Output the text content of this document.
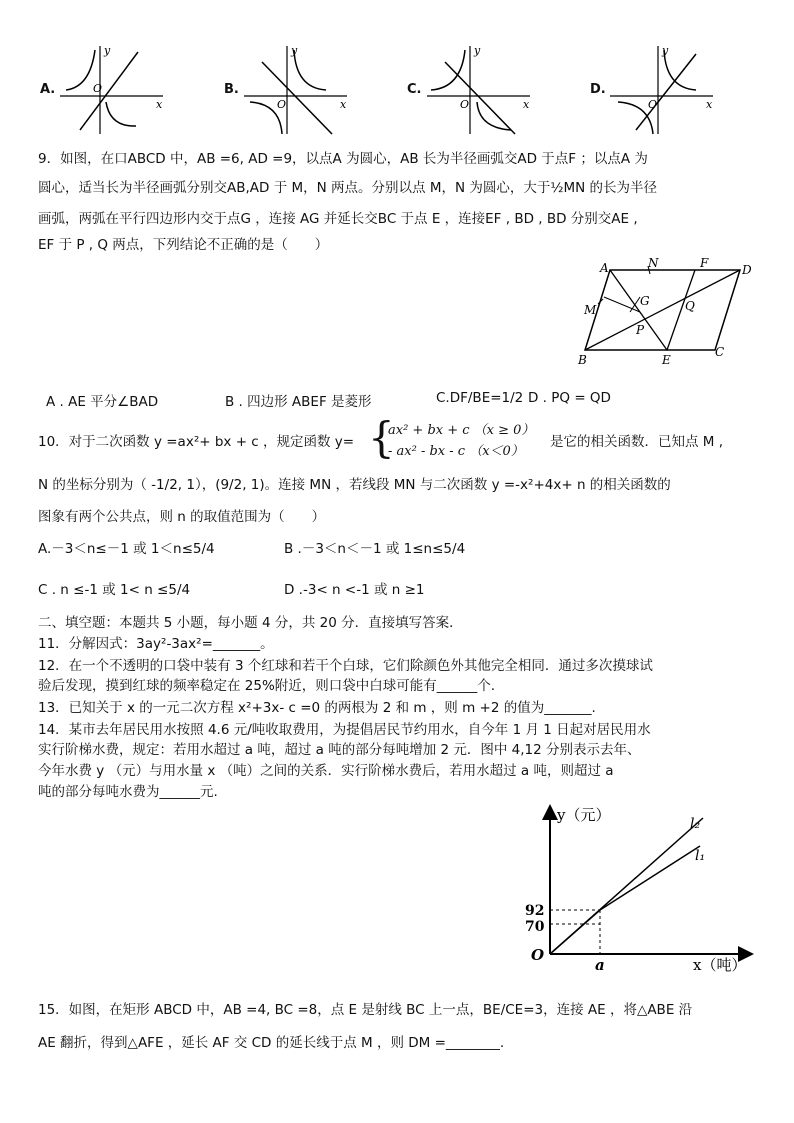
A.	O
x
y
B.
O	x
y
C.
O	x
y
D.
O	x
y
9．如图，在口ABCD 中，AB =6, AD =9，以点A 为圆心，AB 长为半径画弧交AD 于点F ；以点A 为
圆心，适当长为半径画弧分别交AB,AD 于 M，N 两点。分别以点 M，N 为圆心，大于½MN 的长为半径
画弧，两弧在平行四边形内交于点G ，连接 AG 并延长交BC 于点 E ，连接EF , BD , BD 分别交AE ,
EF 于 P , Q 两点，下列结论不正确的是（　　）
A	N	F	D
M
G	Q
P
B	E
C
A . AE 平分∠BAD	B . 四边形 ABEF 是菱形	C.DF/BE=1/2 D . PQ = QD
10．对于二次函数 y =ax²+ bx + c ，规定函数 y= {
ax² + bx + c （x ≥ 0）
- ax² - bx - c （x＜0）
是它的相关函数．已知点 M ,
N 的坐标分别为（ -1/2, 1），(9/2, 1)。连接 MN ，若线段 MN 与二次函数 y =-x²+4x+ n 的相关函数的
图象有两个公共点，则 n 的取值范围为（　　）
A.－3＜n≤－1 或 1＜n≤5/4	B .－3＜n＜－1 或 1≤n≤5/4
C . n ≤-1 或 1< n ≤5/4	D .-3< n <-1 或 n ≥1
二、填空题：本题共 5 小题，每小题 4 分，共 20 分．直接填写答案．
11．分解因式：3ay²-3ax²=_______。
12．在一个不透明的口袋中装有 3 个红球和若干个白球，它们除颜色外其他完全相同．通过多次摸球试
验后发现，摸到红球的频率稳定在 25%附近，则口袋中白球可能有______个.
13．已知关于 x 的一元二次方程 x²+3x- c =0 的两根为 2 和 m ，则 m +2 的值为_______.
14．某市去年居民用水按照 4.6 元/吨收取费用，为提倡居民节约用水，自今年 1 月 1 日起对居民用水
实行阶梯水费，规定：若用水超过 a 吨，超过 a 吨的部分每吨增加 2 元．图中 4,12 分别表示去年、
今年水费 y （元）与用水量 x （吨）之间的关系．实行阶梯水费后，若用水超过 a 吨，则超过 a
吨的部分每吨水费为______元.
y（元）
x（吨）
O
92
70
a
l₂
l₁
15．如图，在矩形 ABCD 中，AB =4, BC =8，点 E 是射线 BC 上一点，BE/CE=3，连接 AE ，将△ABE 沿
AE 翻折，得到△AFE ，延长 AF 交 CD 的延长线于点 M ，则 DM =________.
